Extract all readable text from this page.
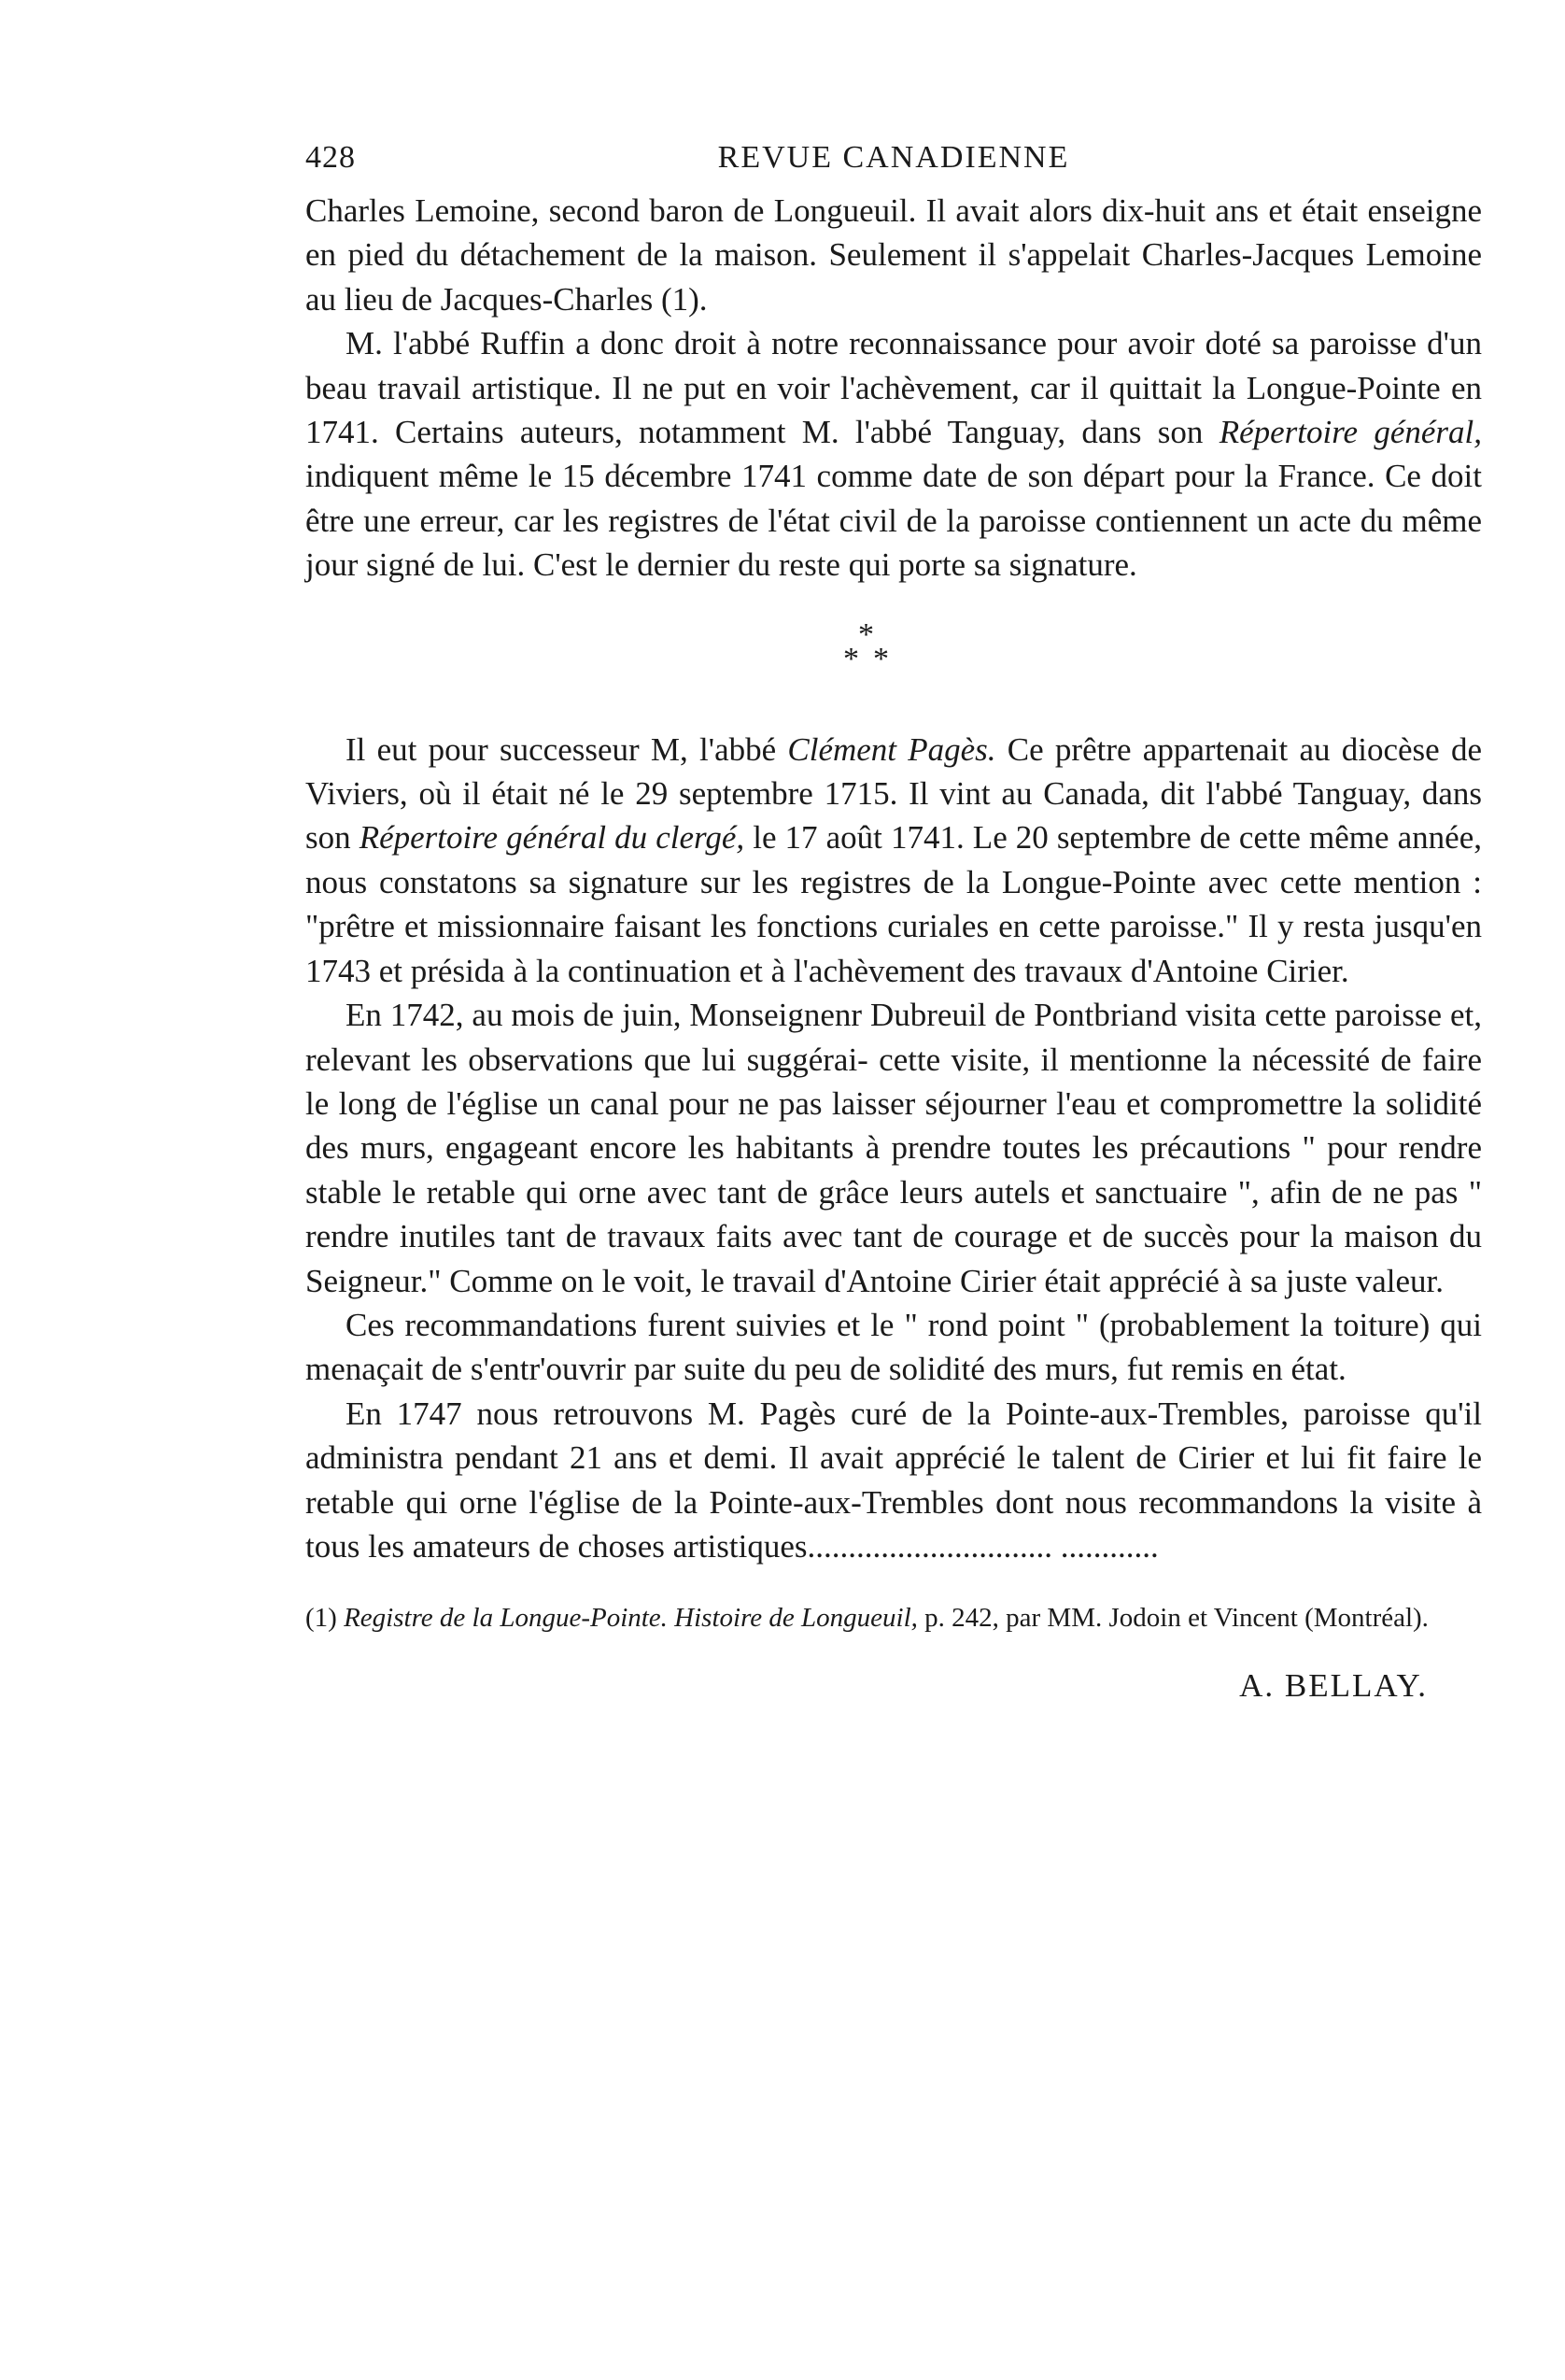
428	REVUE CANADIENNE

Charles Lemoine, second baron de Longueuil. Il avait alors dix-huit ans et était enseigne en pied du détachement de la maison. Seulement il s'appelait Charles-Jacques Lemoine au lieu de Jacques-Charles (1).

M. l'abbé Ruffin a donc droit à notre reconnaissance pour avoir doté sa paroisse d'un beau travail artistique. Il ne put en voir l'achèvement, car il quittait la Longue-Pointe en 1741. Certains auteurs, notamment M. l'abbé Tanguay, dans son Répertoire général, indiquent même le 15 décembre 1741 comme date de son départ pour la France. Ce doit être une erreur, car les registres de l'état civil de la paroisse contiennent un acte du même jour signé de lui. C'est le dernier du reste qui porte sa signature.

*
* *

Il eut pour successeur M, l'abbé Clément Pagès. Ce prêtre appartenait au diocèse de Viviers, où il était né le 29 septembre 1715. Il vint au Canada, dit l'abbé Tanguay, dans son Répertoire général du clergé, le 17 août 1741. Le 20 septembre de cette même année, nous constatons sa signature sur les registres de la Longue-Pointe avec cette mention : "prêtre et missionnaire faisant les fonctions curiales en cette paroisse." Il y resta jusqu'en 1743 et présida à la continuation et à l'achèvement des travaux d'Antoine Cirier.

En 1742, au mois de juin, Monseignenr Dubreuil de Pontbriand visita cette paroisse et, relevant les observations que lui suggérai- cette visite, il mentionne la nécessité de faire le long de l'église un canal pour ne pas laisser séjourner l'eau et compromettre la solidité des murs, engageant encore les habitants à prendre toutes les précautions " pour rendre stable le retable qui orne avec tant de grâce leurs autels et sanctuaire ", afin de ne pas " rendre inutiles tant de travaux faits avec tant de courage et de succès pour la maison du Seigneur." Comme on le voit, le travail d'Antoine Cirier était apprécié à sa juste valeur.

Ces recommandations furent suivies et le " rond point " (probablement la toiture) qui menaçait de s'entr'ouvrir par suite du peu de solidité des murs, fut remis en état.

En 1747 nous retrouvons M. Pagès curé de la Pointe-aux-Trembles, paroisse qu'il administra pendant 21 ans et demi. Il avait apprécié le talent de Cirier et lui fit faire le retable qui orne l'église de la Pointe-aux-Trembles dont nous recommandons la visite à tous les amateurs de choses artistiques.............................. ............

(1) Registre de la Longue-Pointe. Histoire de Longueuil, p. 242, par MM. Jodoin et Vincent (Montréal).
A. BELLAY.
